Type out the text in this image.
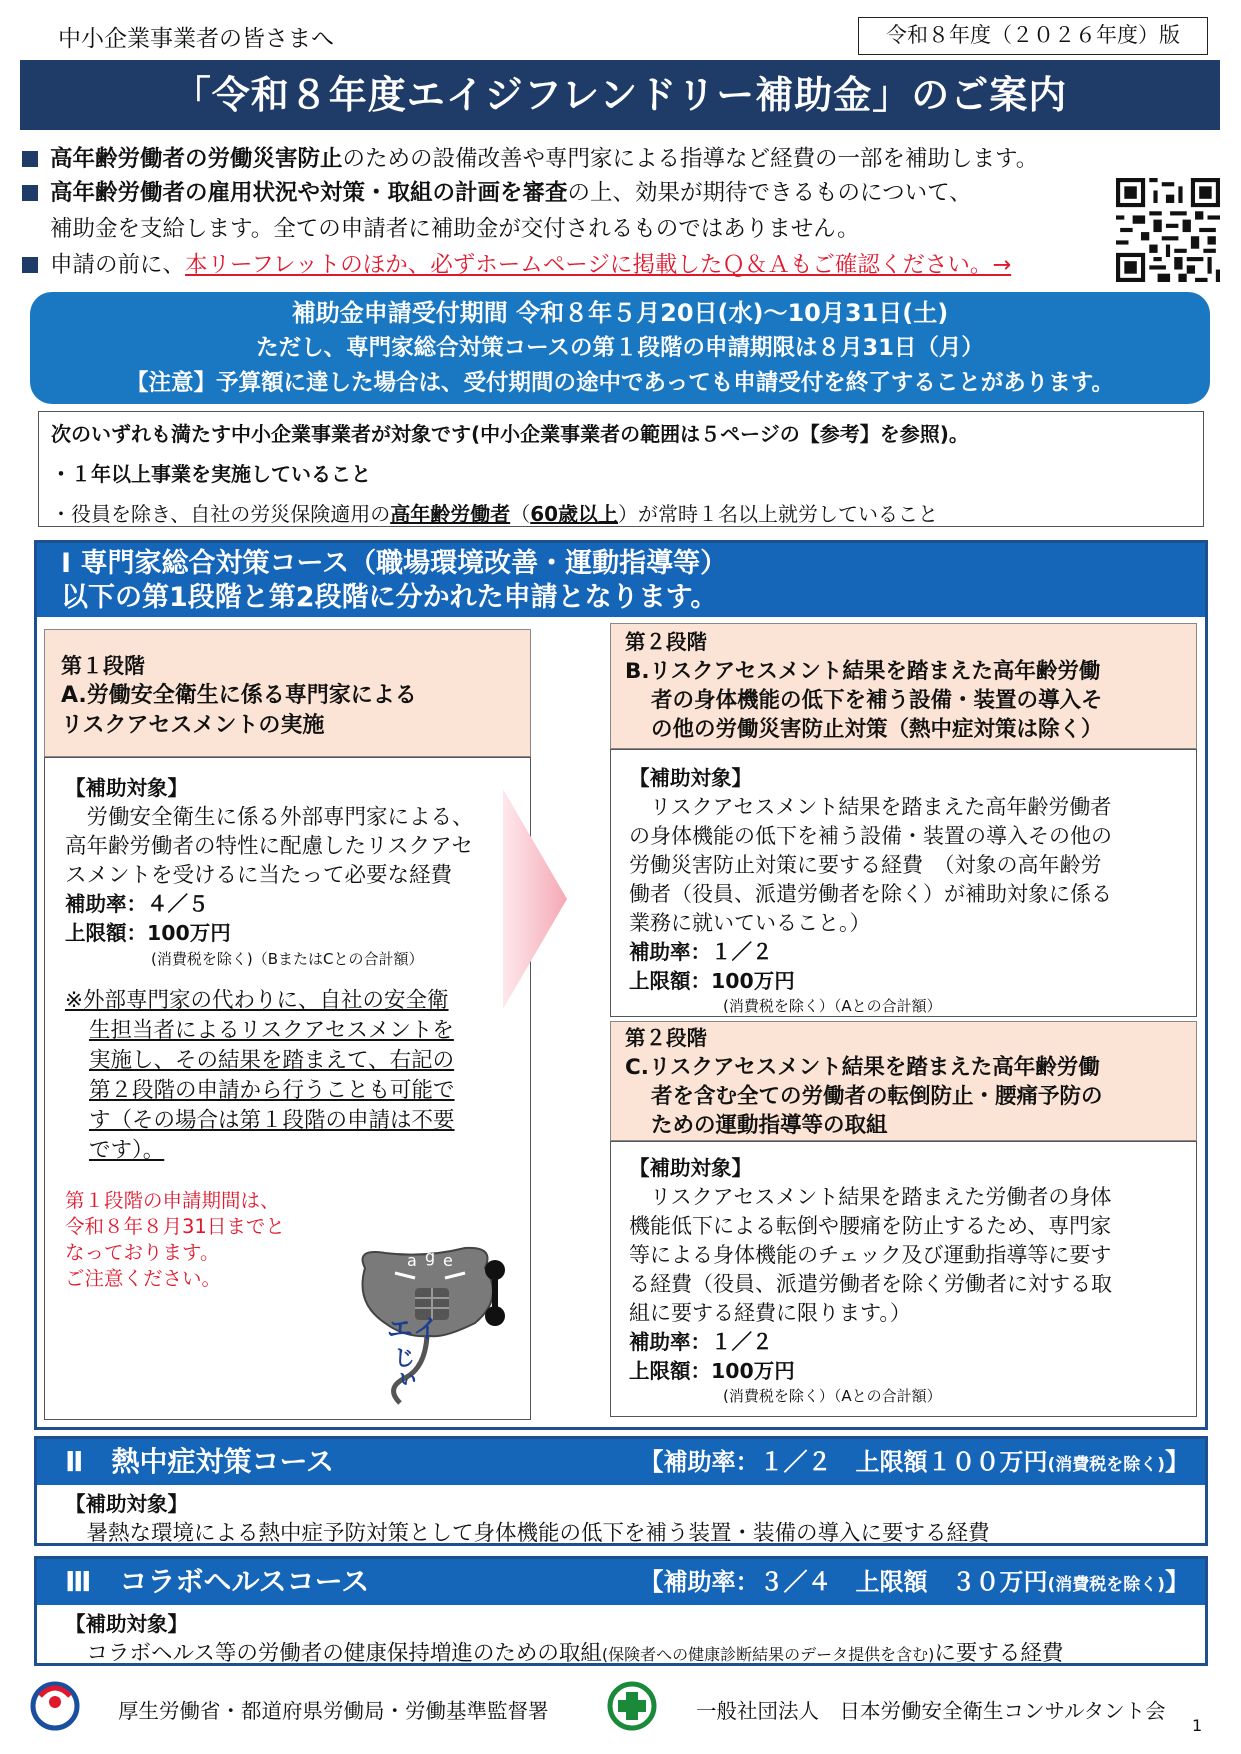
中小企業事業者の皆さまへ	令和８年度（２０２６年度）版
「令和８年度エイジフレンドリー補助金」のご案内
高年齢労働者の労働災害防止のための設備改善や専門家による指導など経費の一部を補助します。
高年齢労働者の雇用状況や対策・取組の計画を審査の上、効果が期待できるものについて、
補助金を支給します。全ての申請者に補助金が交付されるものではありません。
申請の前に、本リーフレットのほか、必ずホームページに掲載したＱ＆Ａもご確認ください。→
補助金申請受付期間 令和８年５月20日(水)～10月31日(土)
ただし、専門家総合対策コースの第１段階の申請期限は８月31日（月）
【注意】予算額に達した場合は、受付期間の途中であっても申請受付を終了することがあります。
次のいずれも満たす中小企業事業者が対象です(中小企業事業者の範囲は５ページの【参考】を参照)。
・１年以上事業を実施していること
・役員を除き、自社の労災保険適用の高年齢労働者（60歳以上）が常時１名以上就労していること
Ⅰ 専門家総合対策コース（職場環境改善・運動指導等）
以下の第1段階と第2段階に分かれた申請となります。
第１段階
A.労働安全衛生に係る専門家による
リスクアセスメントの実施
【補助対象】
　労働安全衛生に係る外部専門家による、
高年齢労働者の特性に配慮したリスクアセ
スメントを受けるに当たって必要な経費
補助率：４／５
上限額：100万円
(消費税を除く)（BまたはCとの合計額）
※外部専門家の代わりに、自社の安全衛
生担当者によるリスクアセスメントを
実施し、その結果を踏まえて、右記の
第２段階の申請から行うことも可能で
す（その場合は第１段階の申請は不要
です）。
第１段階の申請期間は、
令和８年８月31日までと
なっております。
ご注意ください。
a g e
エイ
じぃ
第２段階
B.リスクアセスメント結果を踏まえた高年齢労働
者の身体機能の低下を補う設備・装置の導入そ
の他の労働災害防止対策（熱中症対策は除く）
【補助対象】
　リスクアセスメント結果を踏まえた高年齢労働者
の身体機能の低下を補う設備・装置の導入その他の
労働災害防止対策に要する経費　（対象の高年齢労
働者（役員、派遣労働者を除く）が補助対象に係る
業務に就いていること。）
補助率：１／２
上限額：100万円
(消費税を除く）（Aとの合計額）
第２段階
C.リスクアセスメント結果を踏まえた高年齢労働
者を含む全ての労働者の転倒防止・腰痛予防の
ための運動指導等の取組
【補助対象】
　リスクアセスメント結果を踏まえた労働者の身体
機能低下による転倒や腰痛を防止するため、専門家
等による身体機能のチェック及び運動指導等に要す
る経費（役員、派遣労働者を除く労働者に対する取
組に要する経費に限ります。）
補助率：１／２
上限額：100万円
(消費税を除く）（Aとの合計額）
Ⅱ　熱中症対策コース	【補助率：１／２　上限額１００万円(消費税を除く)】
【補助対象】
　暑熱な環境による熱中症予防対策として身体機能の低下を補う装置・装備の導入に要する経費
Ⅲ　コラボヘルスコース	【補助率：３／４　上限額　３０万円(消費税を除く)】
【補助対象】
　コラボヘルス等の労働者の健康保持増進のための取組(保険者への健康診断結果のデータ提供を含む)に要する経費
厚生労働省・都道府県労働局・労働基準監督署	一般社団法人　日本労働安全衛生コンサルタント会
1
